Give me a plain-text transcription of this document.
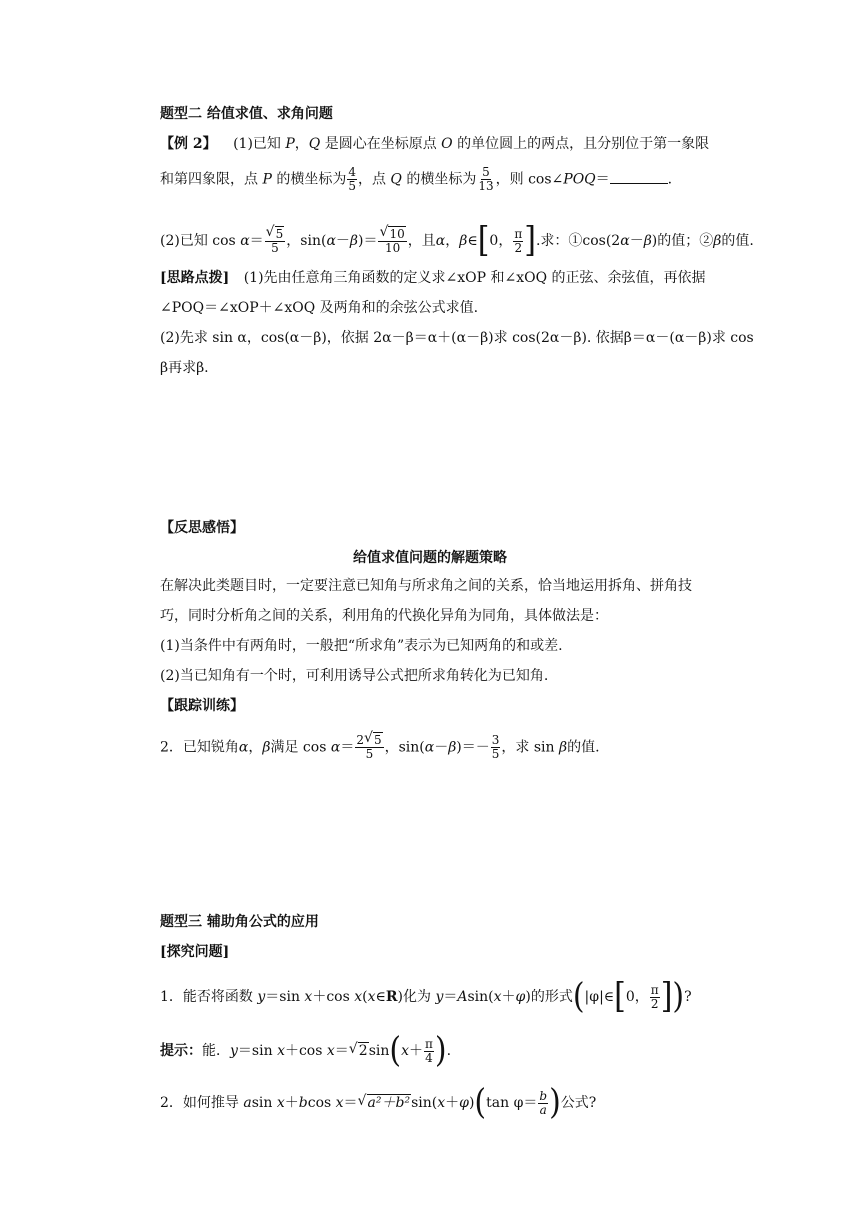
题型二 给值求值、求角问题
【例 2】 (1)已知 P，Q 是圆心在坐标原点 O 的单位圆上的两点，且分别位于第一象限
和第四象限，点 P 的横坐标为 $\frac{4}{5}$ ，点 Q 的横坐标为 $\frac{5}{13}$ ，则 cos∠POQ＝	.
(2)已知 $\cos \alpha= \frac{√ 5}{5}$ ，$\sin(\alpha-\beta)= \frac{√ 10}{10}$ ，且α，β∈[0， $\frac{\pi}{2}$ ].求：①cos(2α－β)的值；②β的值.
[思路点拨] (1)先由任意角三角函数的定义求∠xOP 和∠xOQ 的正弦、余弦值，再依据
∠POQ＝∠xOP＋∠xOQ 及两角和的余弦公式求值.
(2)先求 sin α，cos(α－β)，依据 2α－β＝α＋(α－β)求 cos(2α－β). 依据β＝α－(α－β)求 cos
β再求β.
【反思感悟】
给值求值问题的解题策略
在解决此类题目时，一定要注意已知角与所求角之间的关系，恰当地运用拆角、拼角技
巧，同时分析角之间的关系，利用角的代换化异角为同角，具体做法是：
(1)当条件中有两角时，一般把“所求角”表示为已知两角的和或差.
(2)当已知角有一个时，可利用诱导公式把所求角转化为已知角.
【跟踪训练】
2．已知锐角α，β满足 $\cos \alpha= \frac{2 √ 5}{5}$ ，$\sin(\alpha-\beta)=- \frac{3}{5}$ ，求 sin β的值.
题型三 辅助角公式的应用
[探究问题]
1．能否将函数 y＝sin x＋cos x(x∈R)化为 y＝Asin(x＋φ)的形式(|φ|∈[0， $\frac{\pi}{2}$ ])?
提示：能．y＝sin x＋cos x＝ √ $2\sin(x+ \frac{\pi}{4}$ ).
2．如何推导 asin x＋bcos x＝ √ a²＋b²sin(x＋φ)(tan $\varphi= \frac{b}{a}$ )公式?
